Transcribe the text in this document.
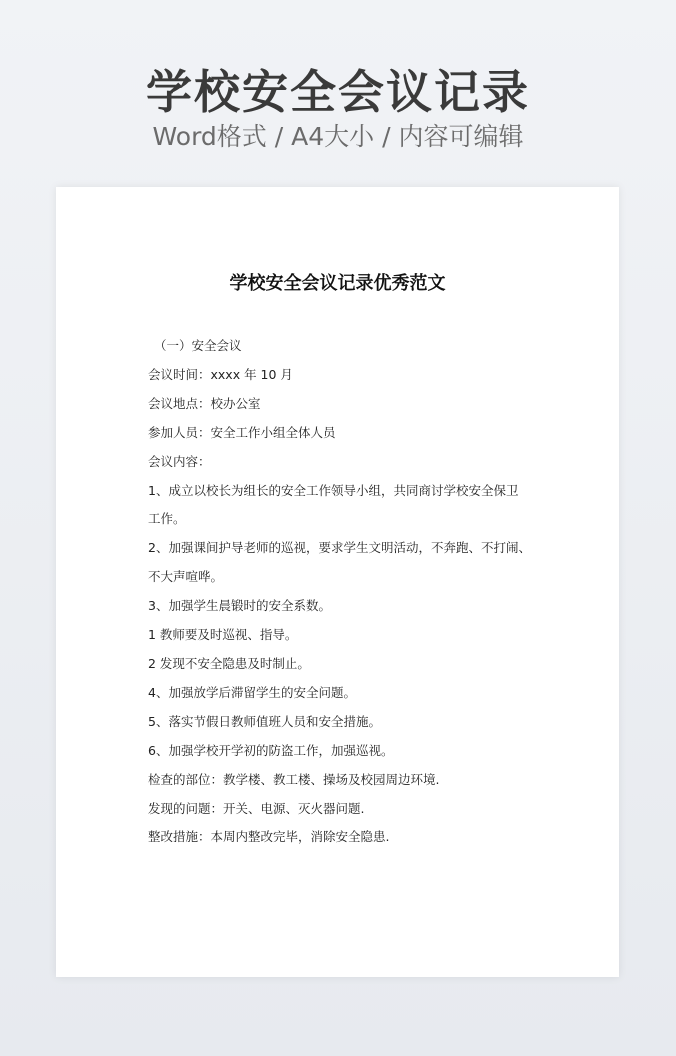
学校安全会议记录
Word格式 / A4大小 / 内容可编辑
学校安全会议记录优秀范文
（一）安全会议
会议时间：xxxx 年 10 月
会议地点：校办公室
参加人员：安全工作小组全体人员
会议内容：
1、成立以校长为组长的安全工作领导小组，共同商讨学校安全保卫
工作。
2、加强课间护导老师的巡视，要求学生文明活动，不奔跑、不打闹、
不大声喧哗。
3、加强学生晨锻时的安全系数。
1 教师要及时巡视、指导。
2 发现不安全隐患及时制止。
4、加强放学后滞留学生的安全问题。
5、落实节假日教师值班人员和安全措施。
6、加强学校开学初的防盗工作，加强巡视。
检查的部位：教学楼、教工楼、操场及校园周边环境.
发现的问题：开关、电源、灭火器问题.
整改措施：本周内整改完毕，消除安全隐患.
